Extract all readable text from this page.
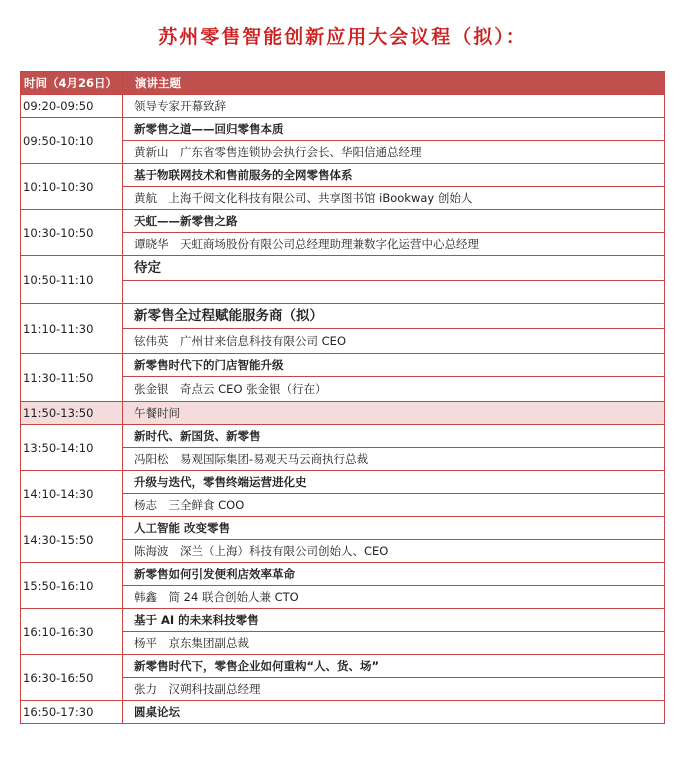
苏州零售智能创新应用大会议程（拟）：
时间（4月26日）	演讲主题
09:20-09:50	领导专家开幕致辞
09:50-10:10	新零售之道——回归零售本质
	黄新山　广东省零售连锁协会执行会长、华阳信通总经理
10:10-10:30	基于物联网技术和售前服务的全网零售体系
	黄航　上海千阅文化科技有限公司、共享图书馆 iBookway 创始人
10:30-10:50	天虹——新零售之路
	谭晓华　天虹商场股份有限公司总经理助理兼数字化运营中心总经理
10:50-11:10	待定

11:10-11:30	新零售全过程赋能服务商（拟）
	铉伟英　广州甘来信息科技有限公司 CEO
11:30-11:50	新零售时代下的门店智能升级
	张金银　奇点云 CEO 张金银（行在）
11:50-13:50	午餐时间
13:50-14:10	新时代、新国货、新零售
	冯阳松　易观国际集团-易观天马云商执行总裁
14:10-14:30	升级与迭代，零售终端运营进化史
	杨志　三全鲜食 COO
14:30-15:50	人工智能 改变零售
	陈海波　深兰（上海）科技有限公司创始人、CEO
15:50-16:10	新零售如何引发便利店效率革命
	韩鑫　简 24 联合创始人兼 CTO
16:10-16:30	基于 AI 的未来科技零售
	杨平　京东集团副总裁
16:30-16:50	新零售时代下，零售企业如何重构“人、货、场”
	张力　汉朔科技副总经理
16:50-17:30	圆桌论坛
